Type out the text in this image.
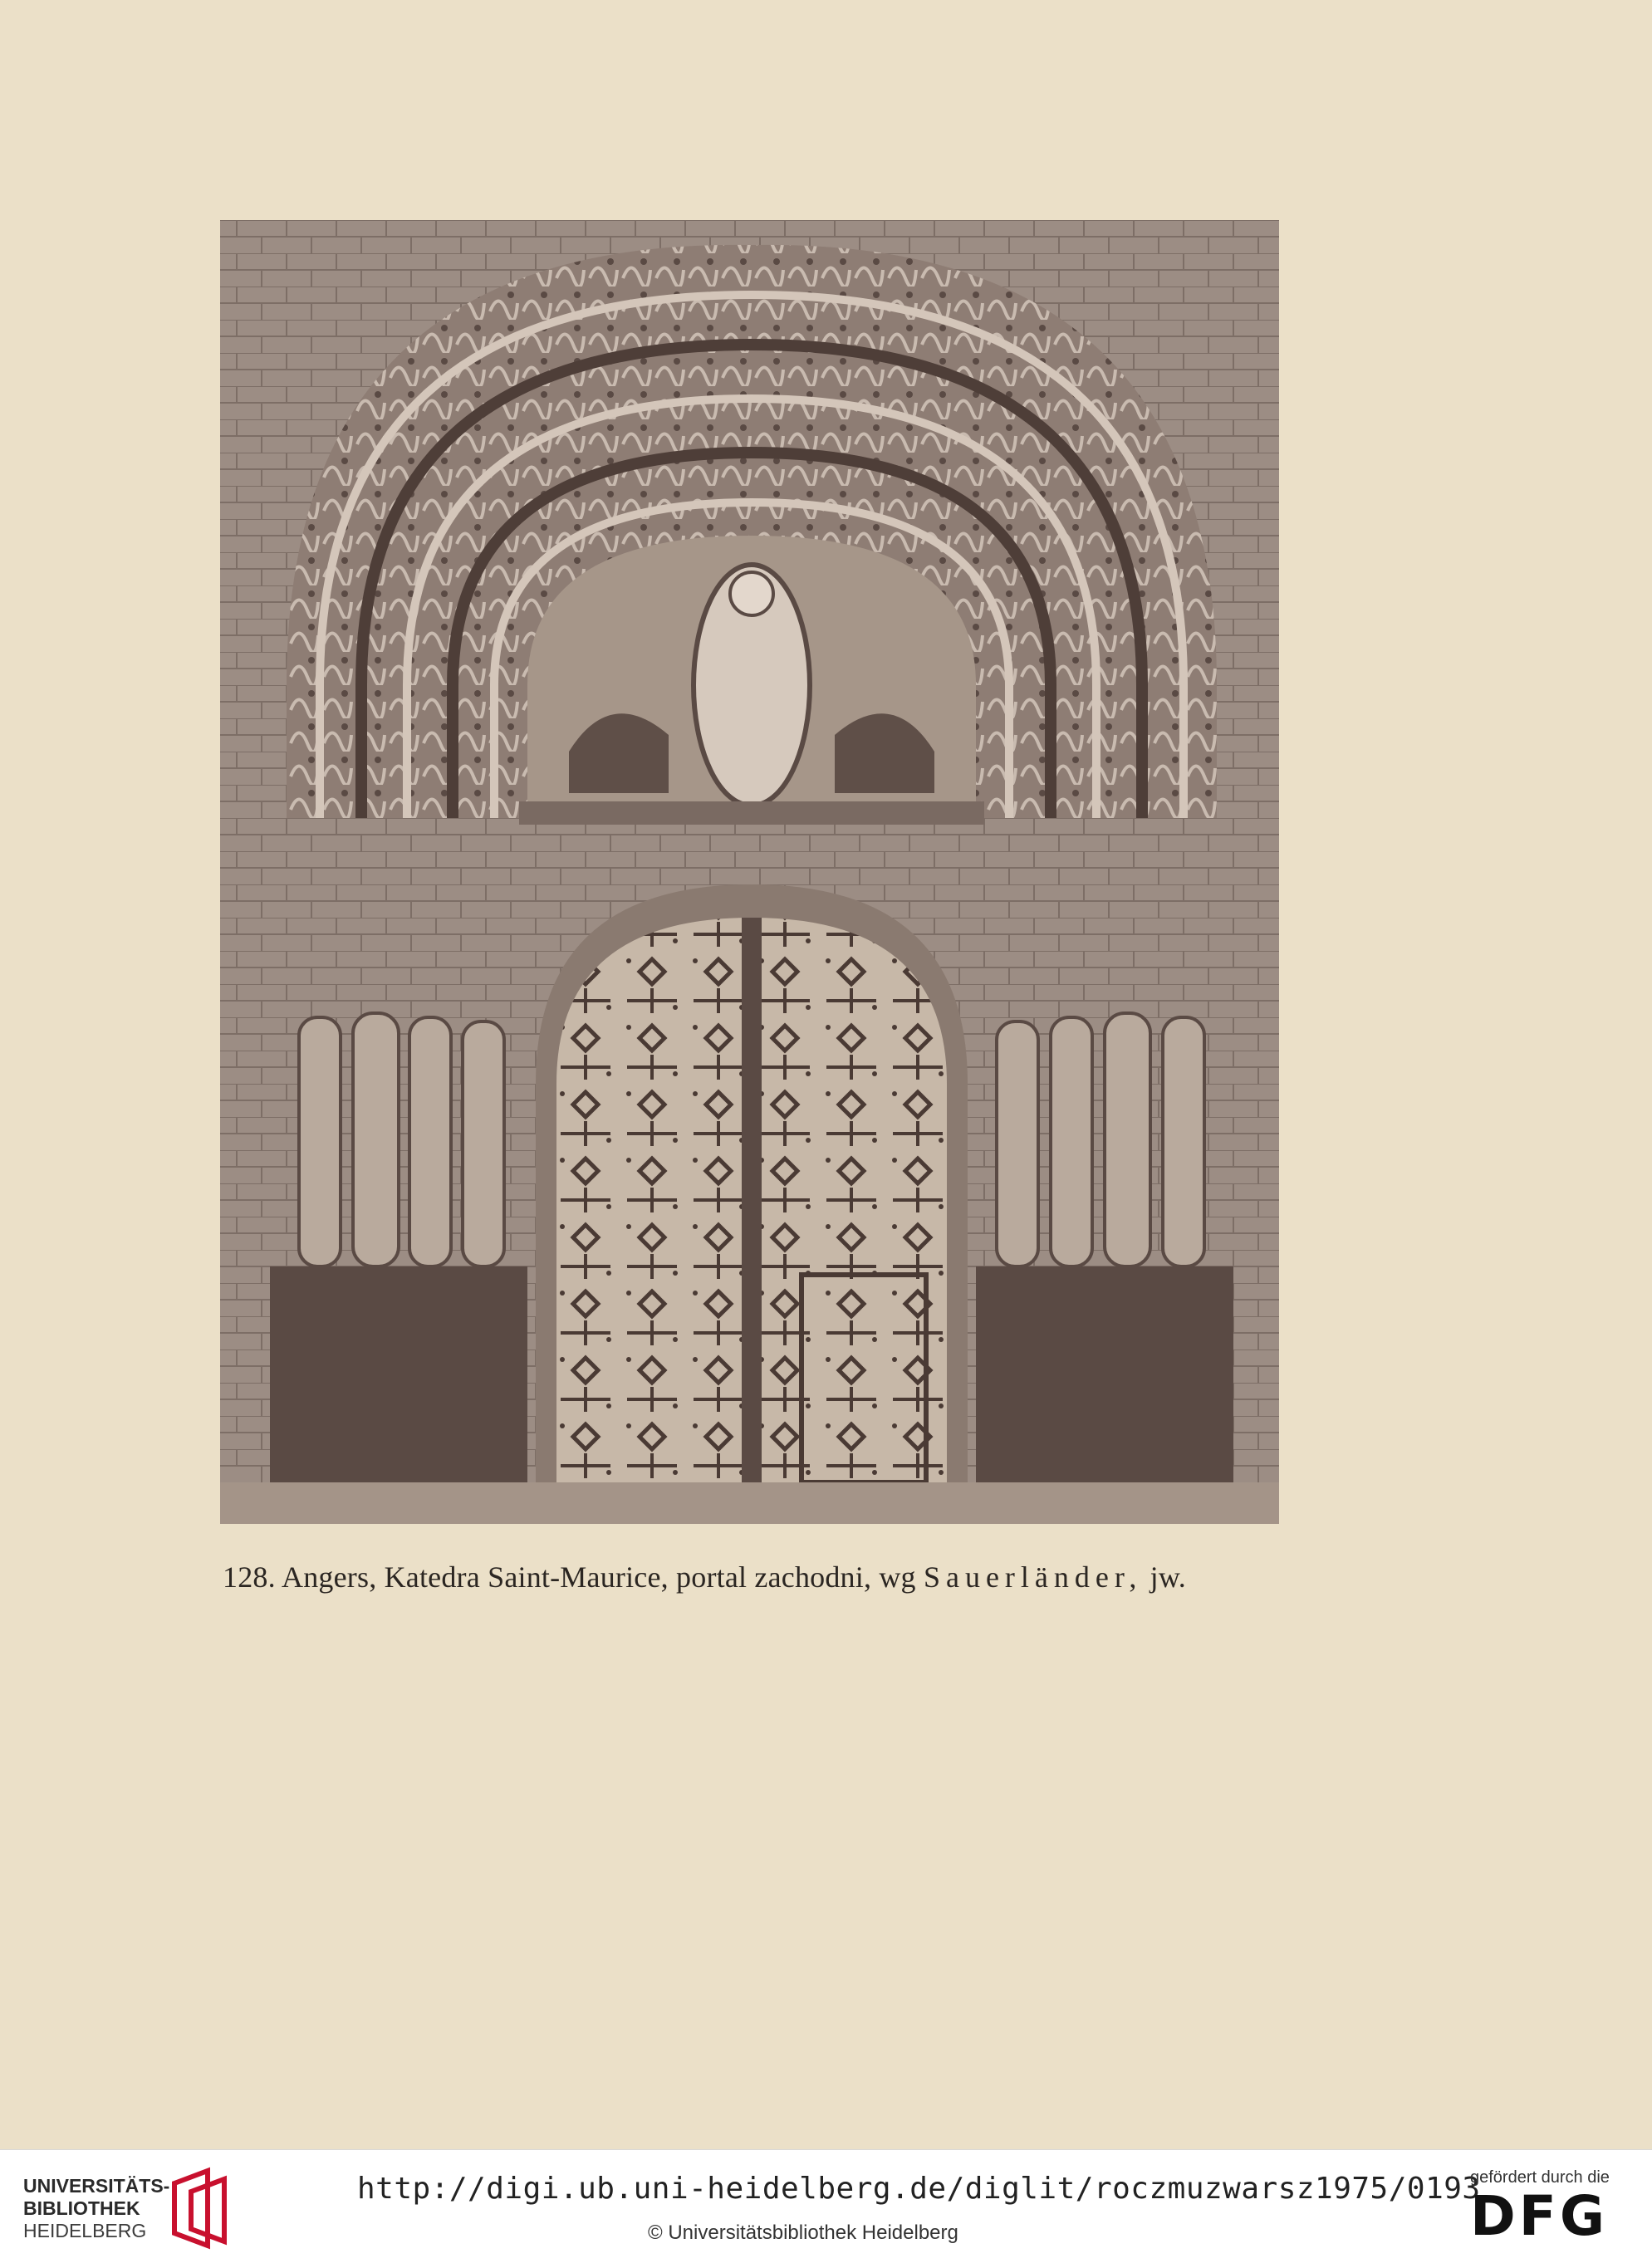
128. Angers, Katedra Saint-Maurice, portal zachodni, wg Sauerländer, jw.
UNIVERSITÄTS-
BIBLIOTHEK
HEIDELBERG
http://digi.ub.uni-heidelberg.de/diglit/roczmuzwarsz1975/0193
© Universitätsbibliothek Heidelberg
gefördert durch die
DFG
